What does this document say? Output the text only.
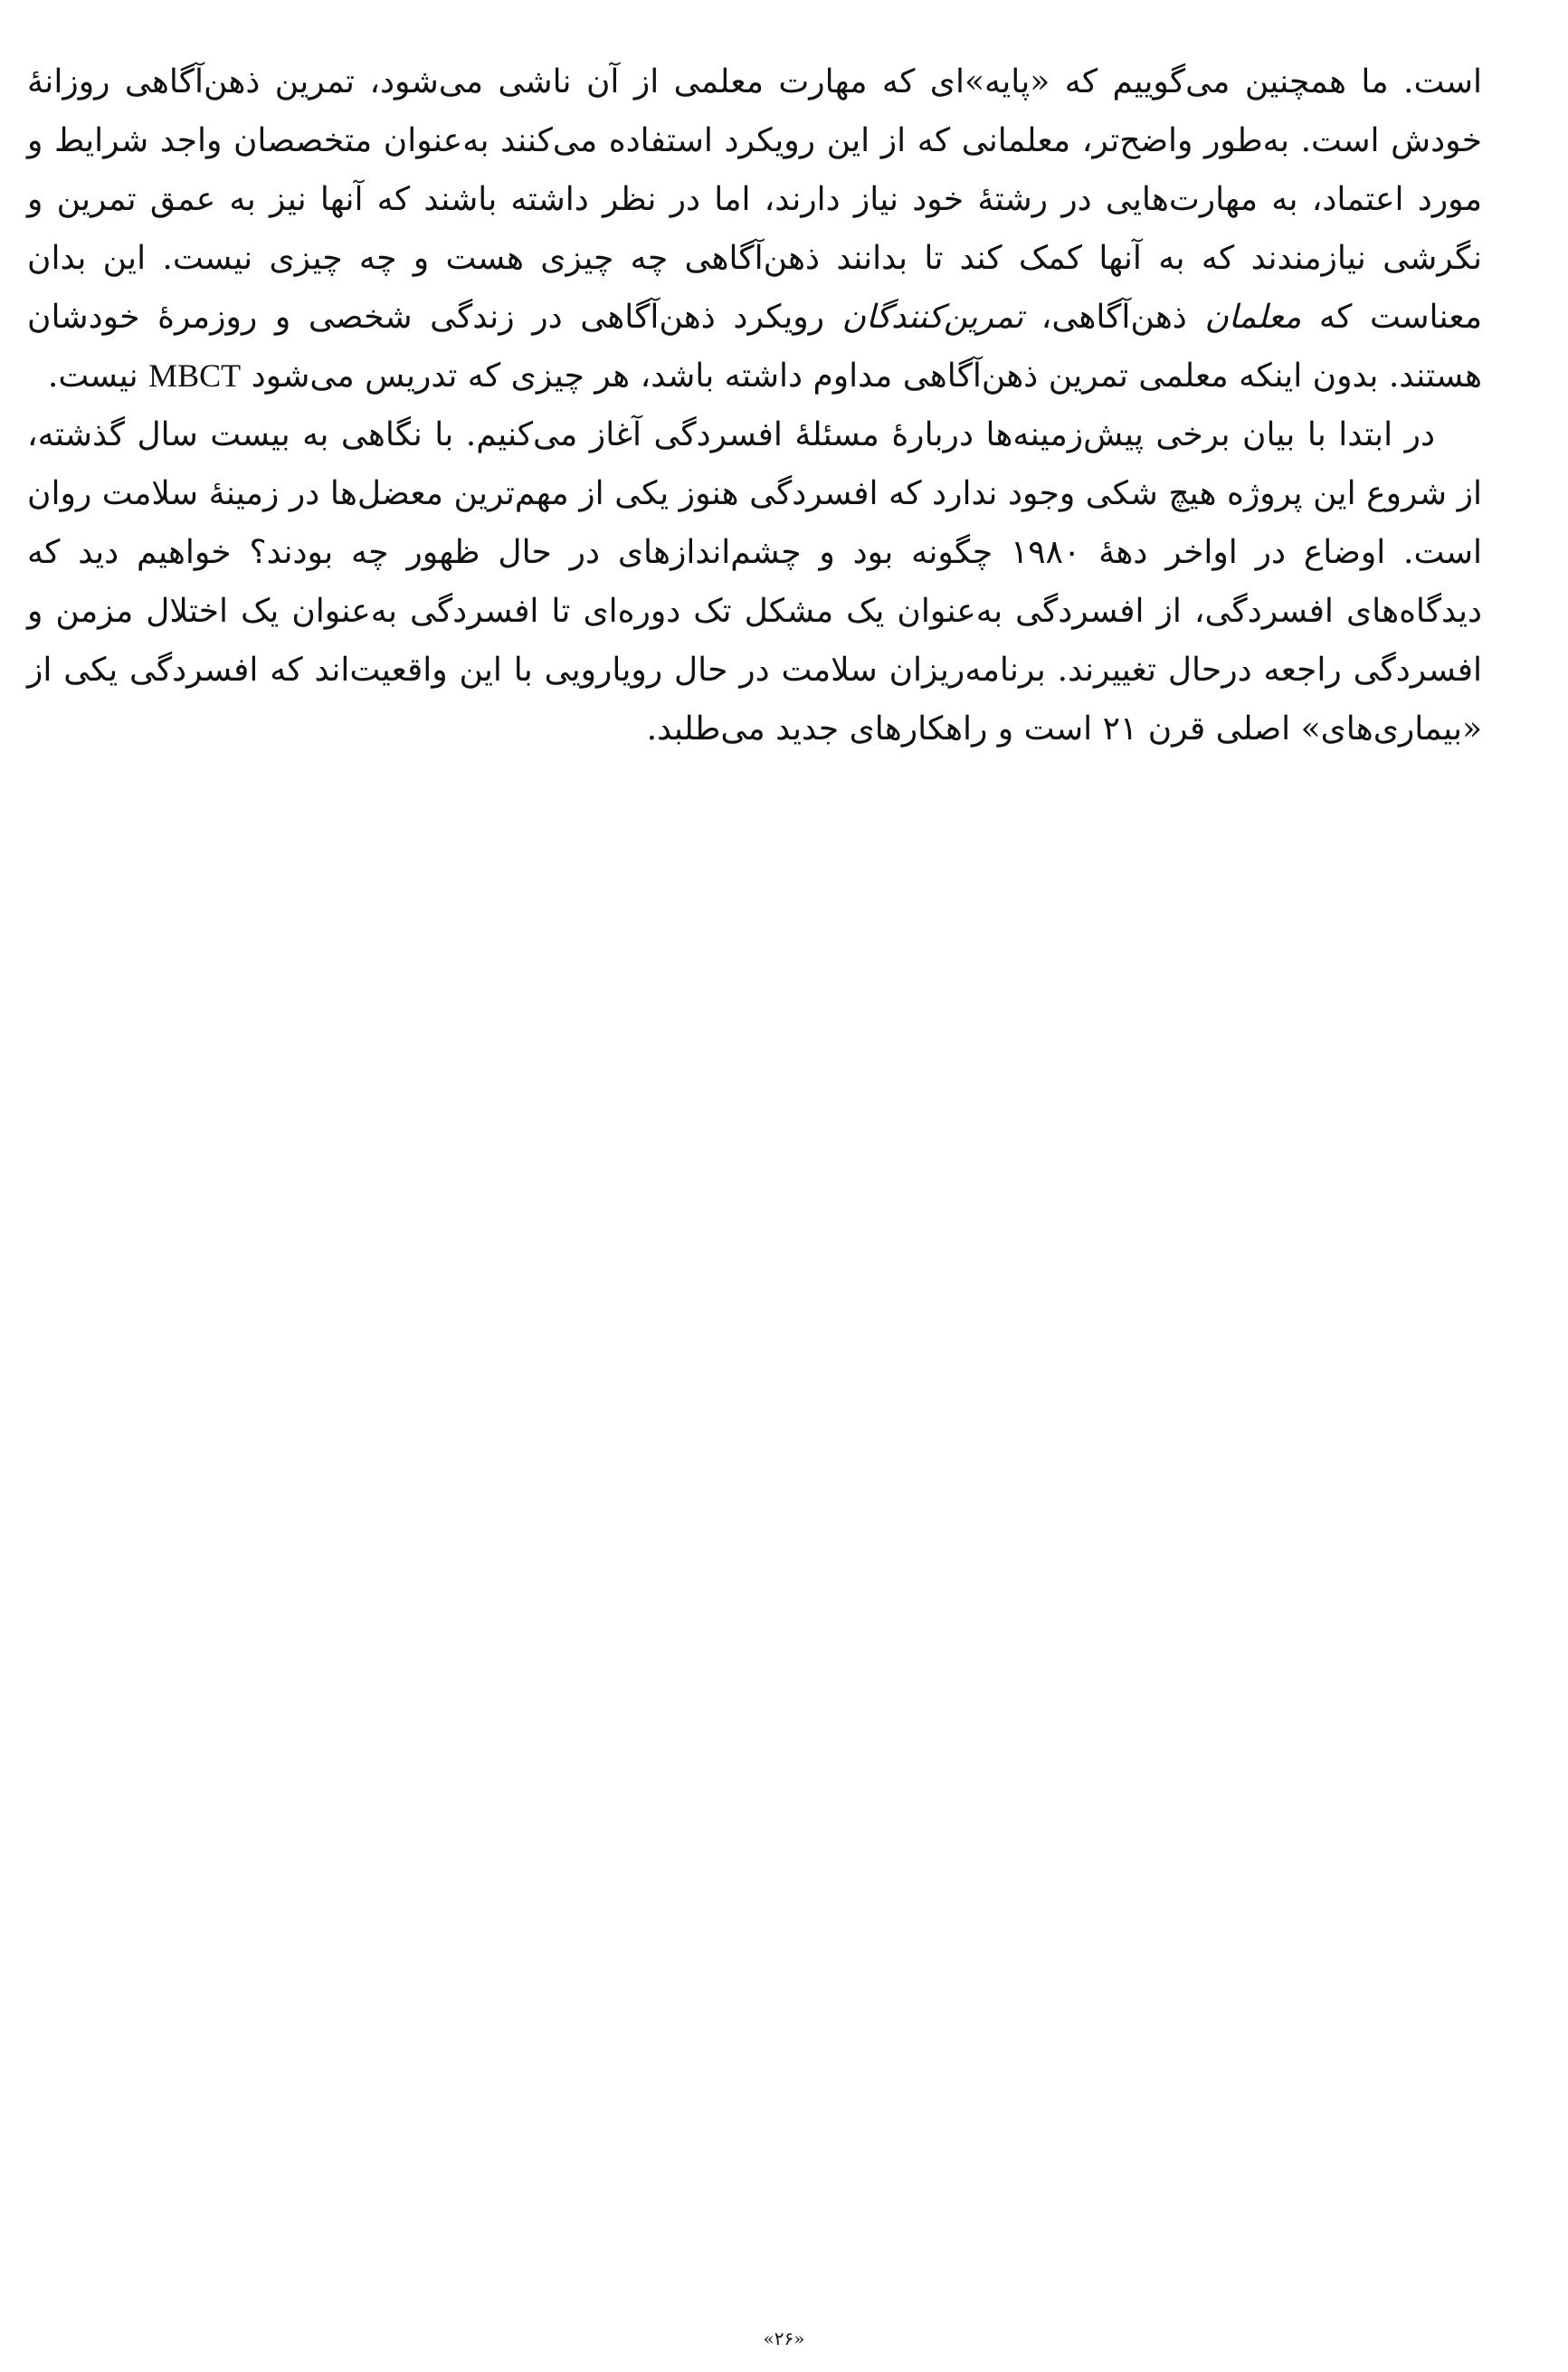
است. ما همچنین می‌گوییم که «پایه»ای که مهارت معلمی از آن ناشی می‌شود، تمرین ذهن‌آگاهی روزانهٔ خودش است. به‌طور واضح‌تر، معلمانی که از این رویکرد استفاده می‌کنند به‌عنوان متخصصان واجد شرایط و مورد اعتماد، به مهارت‌هایی در رشتهٔ خود نیاز دارند، اما در نظر داشته باشند که آنها نیز به عمق تمرین و نگرشی نیازمندند که به آنها کمک کند تا بدانند ذهن‌آگاهی چه چیزی هست و چه چیزی نیست. این بدان معناست که معلمان ذهن‌آگاهی، تمرین‌کنندگان رویکرد ذهن‌آگاهی در زندگی شخصی و روزمرهٔ خودشان هستند. بدون اینکه معلمی تمرین ذهن‌آگاهی مداوم داشته باشد، هر چیزی که تدریس می‌شود MBCT نیست.

در ابتدا با بیان برخی پیش‌زمینه‌ها دربارهٔ مسئلهٔ افسردگی آغاز می‌کنیم. با نگاهی به بیست سال گذشته، از شروع این پروژه هیچ شکی وجود ندارد که افسردگی هنوز یکی از مهم‌ترین معضل‌ها در زمینهٔ سلامت روان است. اوضاع در اواخر دههٔ ۱۹۸۰ چگونه بود و چشم‌اندازهای در حال ظهور چه بودند؟ خواهیم دید که دیدگاه‌های افسردگی، از افسردگی به‌عنوان یک مشکل تک دوره‌ای تا افسردگی به‌عنوان یک اختلال مزمن و افسردگی راجعه درحال تغییرند. برنامه‌ریزان سلامت در حال رویارویی با این واقعیت‌اند که افسردگی یکی از «بیماری‌های» اصلی قرن ۲۱ است و راهکارهای جدید می‌طلبد.

«۲۶»
